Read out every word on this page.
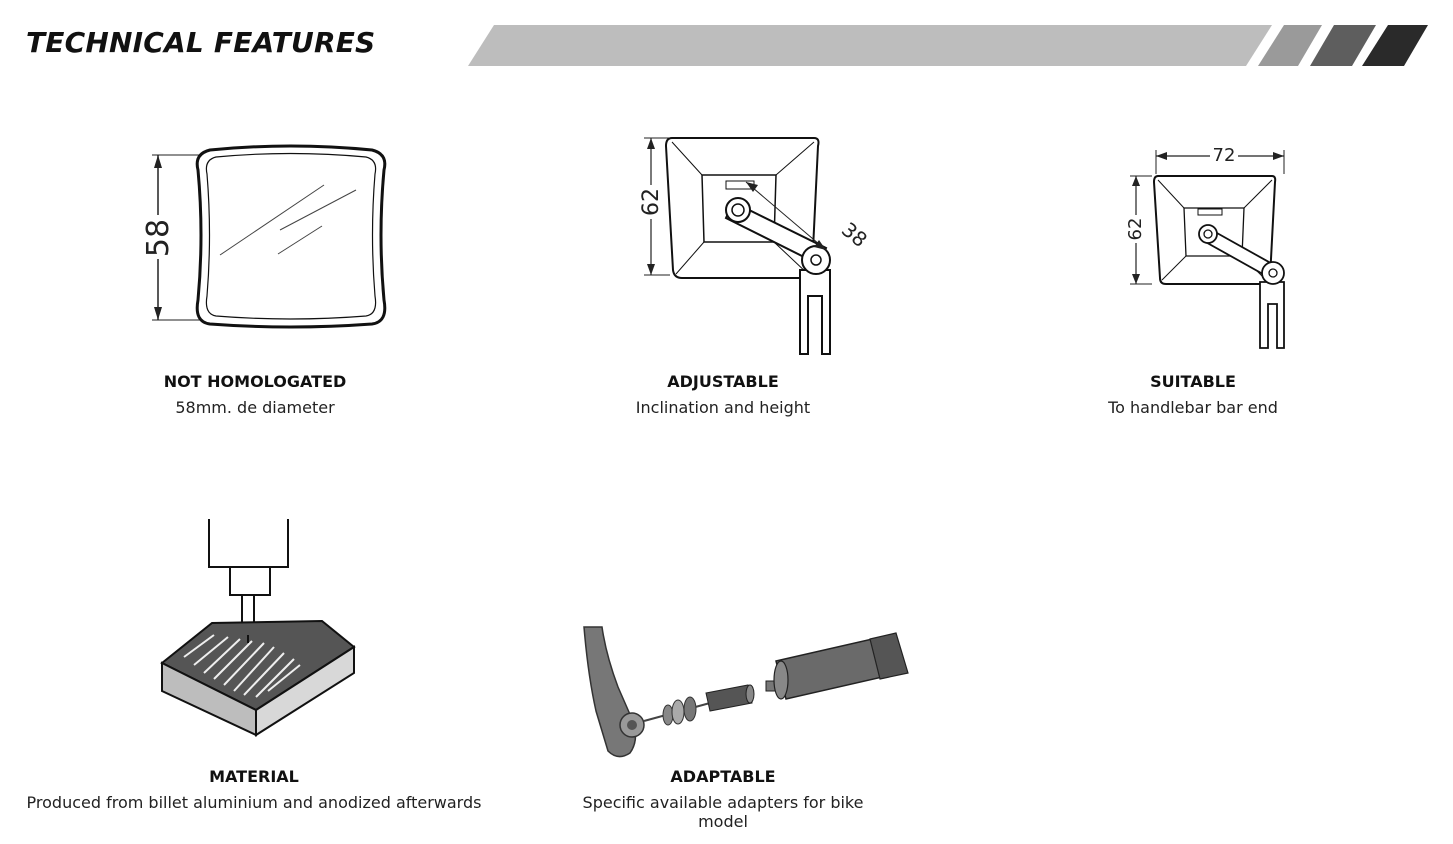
TECHNICAL FEATURES
58
NOT HOMOLOGATED
58mm. de diameter
62
38
ADJUSTABLE
Inclination and height
72
62
SUITABLE
To handlebar bar end
MATERIAL
Produced from billet aluminium and anodized afterwards
ADAPTABLE
Specific available adapters for bike model
